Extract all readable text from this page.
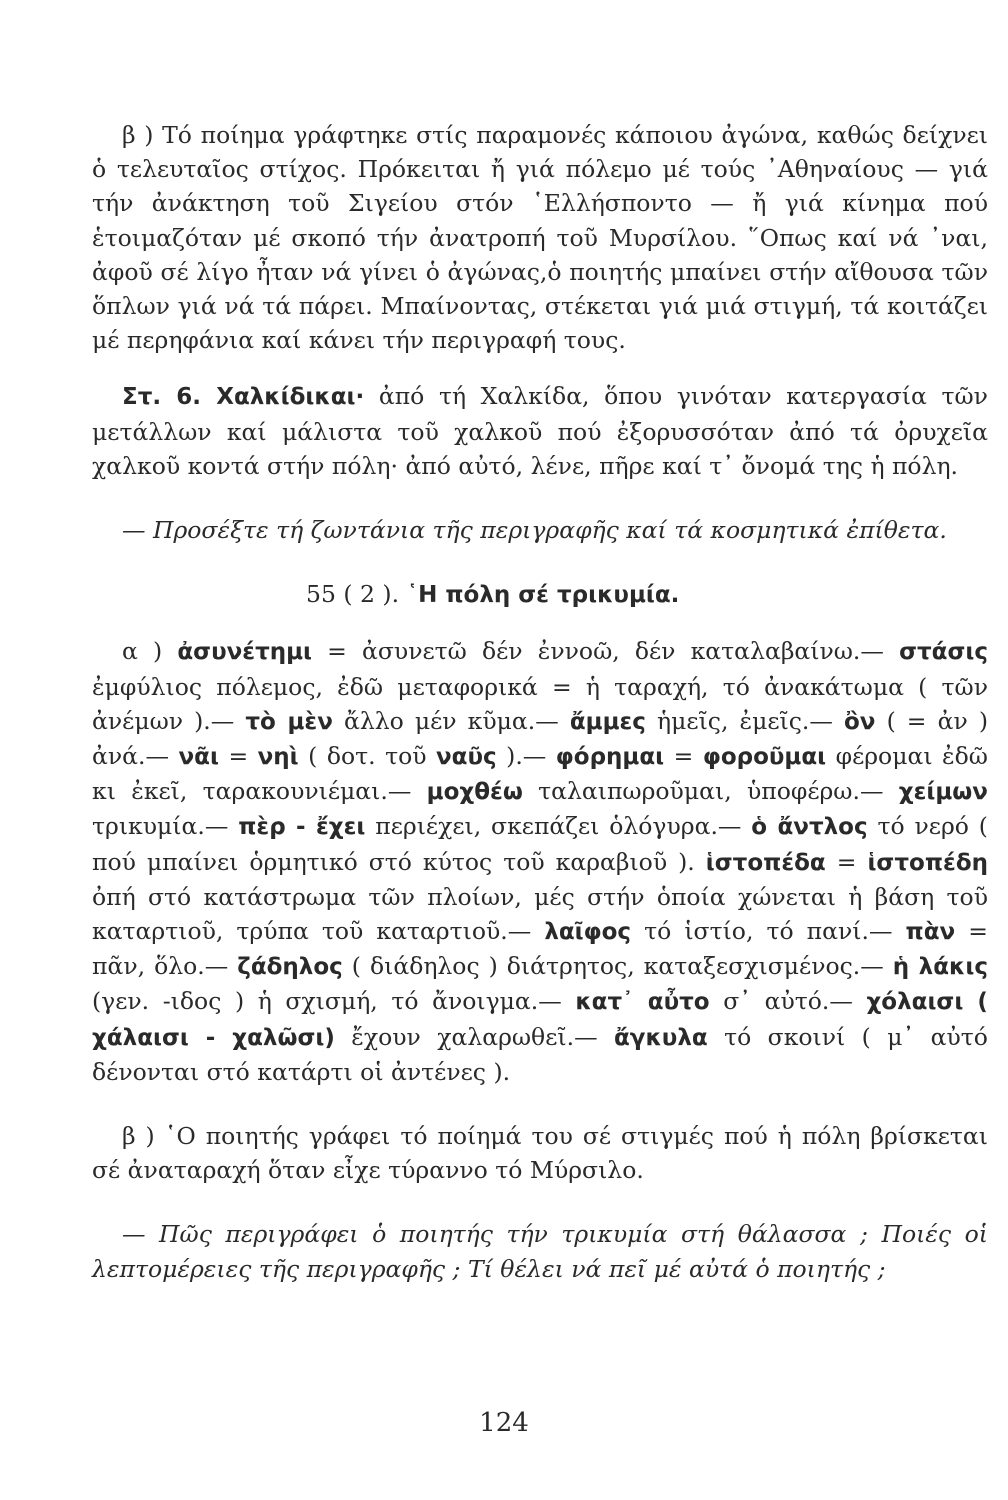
β ) Τό ποίημα γράφτηκε στίς παραμονές κάποιου ἀγώνα, καθώς δείχνει ὁ τελευταῖος στίχος. Πρόκειται ἤ γιά πόλεμο μέ τούς ᾿Αθηναίους — γιά τήν ἀνάκτηση τοῦ Σιγείου στόν ῾Ελλήσποντο — ἤ γιά κίνημα πού ἑτοιμαζόταν μέ σκοπό τήν ἀνατροπή τοῦ Μυρσίλου. ῞Οπως καί νά ᾿ναι, ἀφοῦ σέ λίγο ἦταν νά γίνει ὁ ἀγώνας,ὁ ποιητής μπαίνει στήν αἴθουσα τῶν ὅπλων γιά νά τά πάρει. Μπαίνοντας, στέκεται γιά μιά στιγμή, τά κοιτάζει μέ περηφάνια καί κάνει τήν περιγραφή τους.

Στ. 6. Χαλκίδικαι· ἀπό τή Χαλκίδα, ὅπου γινόταν κατεργασία τῶν μετάλλων καί μάλιστα τοῦ χαλκοῦ πού ἐξορυσσόταν ἀπό τά ὀρυχεῖα χαλκοῦ κοντά στήν πόλη· ἀπό αὐτό, λένε, πῆρε καί τ᾿ ὄνομά της ἡ πόλη.

— Προσέξτε τή ζωντάνια τῆς περιγραφῆς καί τά κοσμητικά ἐπίθετα.

55 ( 2 ). ῾Η πόλη σέ τρικυμία.

α ) ἀσυνέτημι = ἀσυνετῶ δέν ἐννοῶ, δέν καταλαβαίνω.— στάσις ἐμφύλιος πόλεμος, ἐδῶ μεταφορικά = ἡ ταραχή, τό ἀνακάτωμα ( τῶν ἀνέμων ).— τὸ μὲν ἄλλο μέν κῦμα.— ἄμμες ἡμεῖς, ἐμεῖς.— ὂν ( = ἀν ) ἀνά.— νᾶι = νηὶ ( δοτ. τοῦ ναῦς ).— φόρημαι = φορoῦμαι φέρομαι ἐδῶ κι ἐκεῖ, ταρακουνιέμαι.— μοχθέω ταλαιπωροῦμαι, ὑποφέρω.— χείμων τρικυμία.— πὲρ - ἔχει περιέχει, σκεπάζει ὁλόγυρα.— ὁ ἄντλος τό νερό ( πού μπαίνει ὁρμητικό στό κύτος τοῦ καραβιοῦ ). ἱστοπέδα = ἱστοπέδη ὀπή στό κατάστρωμα τῶν πλοίων, μές στήν ὁποία χώνεται ἡ βάση τοῦ καταρτιοῦ, τρύπα τοῦ καταρτιοῦ.— λαῖφος τό ἱστίο, τό πανί.— πὰν = πᾶν, ὅλο.— ζάδηλος ( διάδηλος ) διάτρητος, καταξεσχισμένος.— ἡ λάκις (γεν. -ιδος ) ἡ σχισμή, τό ἄνοιγμα.— κατ᾿ αὖτο σ᾿ αὐτό.— χόλαισι ( χάλαισι - χαλῶσι) ἔχουν χαλαρωθεῖ.— ἄγκυλα τό σκοινί ( μ᾿ αὐτό δένονται στό κατάρτι οἱ ἀντένες ).

β ) ῾Ο ποιητής γράφει τό ποίημά του σέ στιγμές πού ἡ πόλη βρίσκεται σέ ἀναταραχή ὅταν εἶχε τύραννο τό Μύρσιλο.

— Πῶς περιγράφει ὁ ποιητής τήν τρικυμία στή θάλασσα ; Ποιές οἱ λεπτομέρειες τῆς περιγραφῆς ; Τί θέλει νά πεῖ μέ αὐτά ὁ ποιητής ;

124
